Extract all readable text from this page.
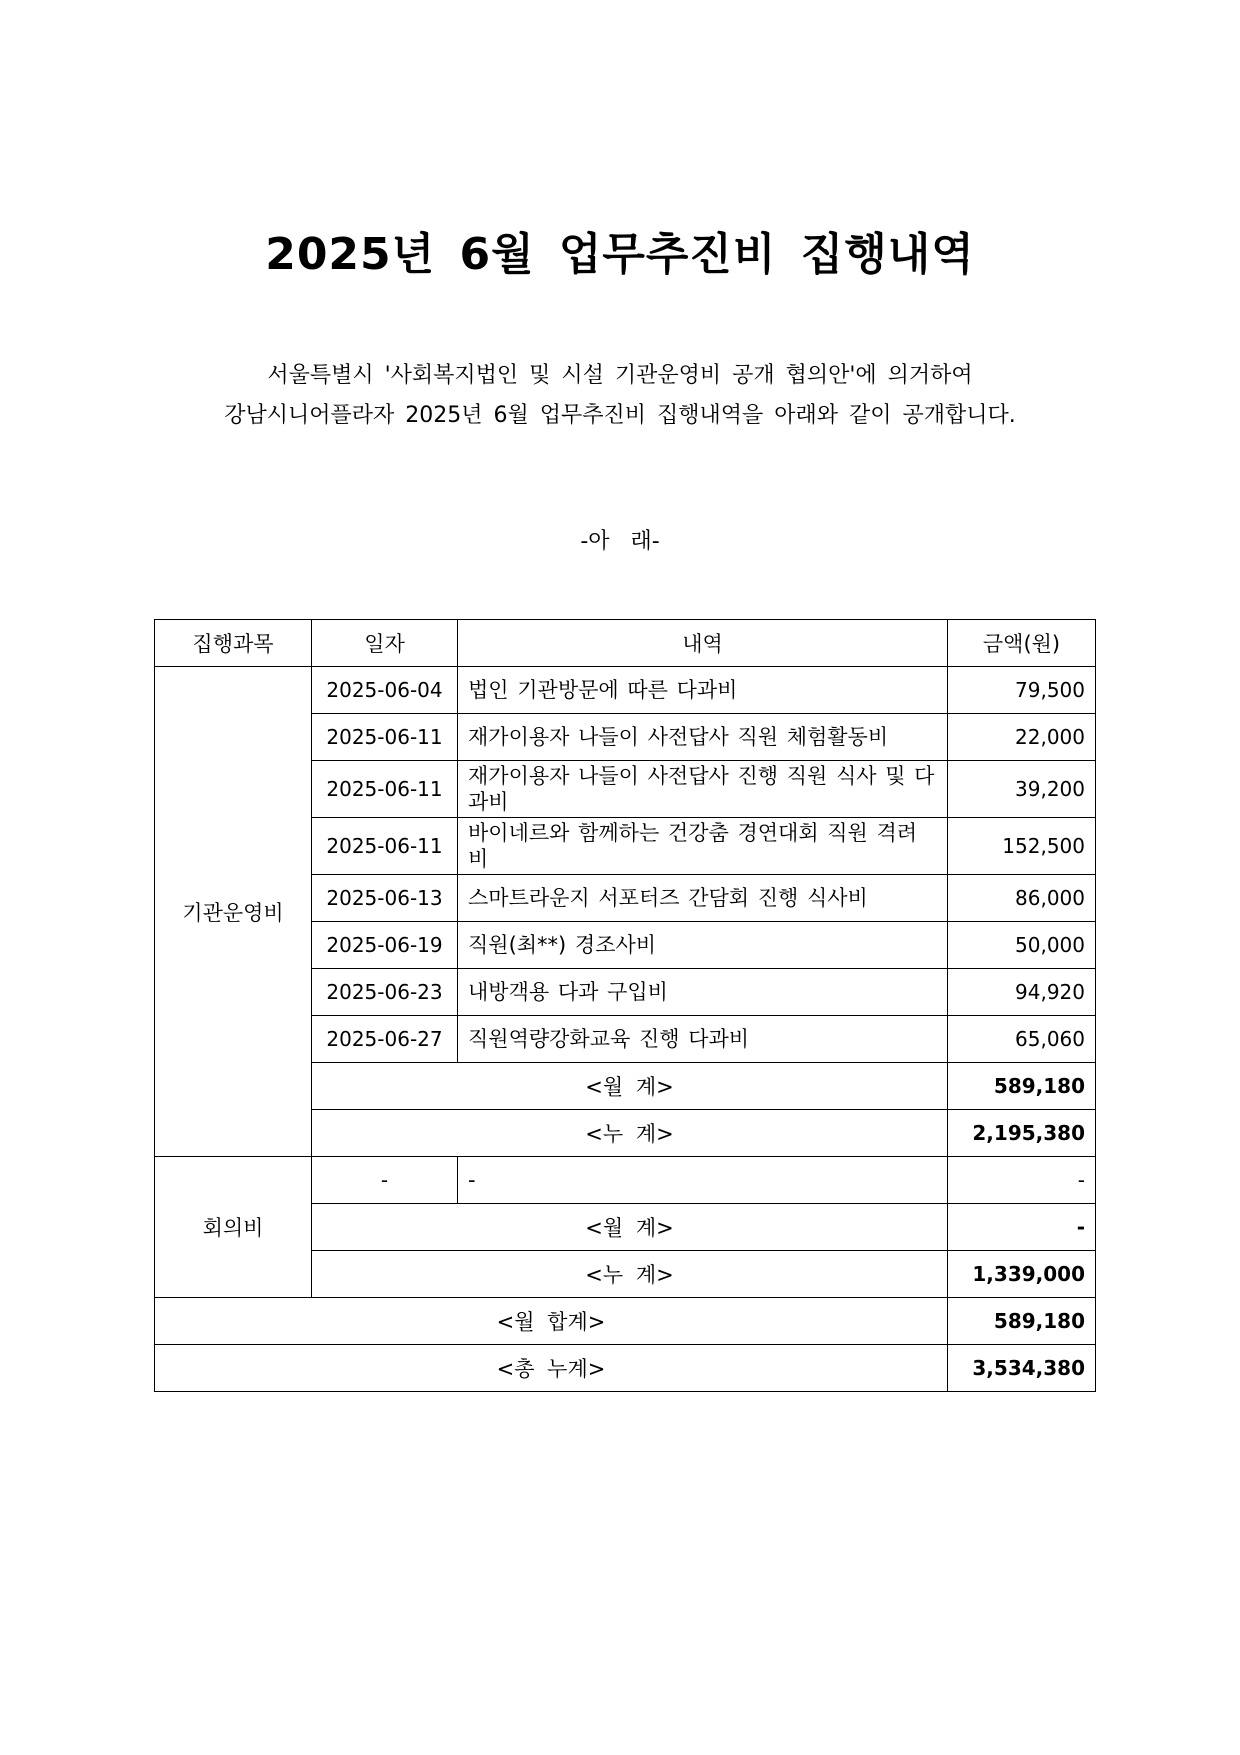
2025년 6월 업무추진비 집행내역
서울특별시 '사회복지법인 및 시설 기관운영비 공개 협의안'에 의거하여
강남시니어플라자 2025년 6월 업무추진비 집행내역을 아래와 같이 공개합니다.
-아 래-
집행과목	일자	내역	금액(원)
기관운영비	2025-06-04	법인 기관방문에 따른 다과비	79,500
	2025-06-11	재가이용자 나들이 사전답사 직원 체험활동비	22,000
	2025-06-11	재가이용자 나들이 사전답사 진행 직원 식사 및 다과비	39,200
	2025-06-11	바이네르와 함께하는 건강춤 경연대회 직원 격려비	152,500
	2025-06-13	스마트라운지 서포터즈 간담회 진행 식사비	86,000
	2025-06-19	직원(최**) 경조사비	50,000
	2025-06-23	내방객용 다과 구입비	94,920
	2025-06-27	직원역량강화교육 진행 다과비	65,060
	<월 계>		589,180
	<누 계>		2,195,380
회의비	-	-	-
	<월 계>		-
	<누 계>		1,339,000
<월 합계>			589,180
<총 누계>			3,534,380
